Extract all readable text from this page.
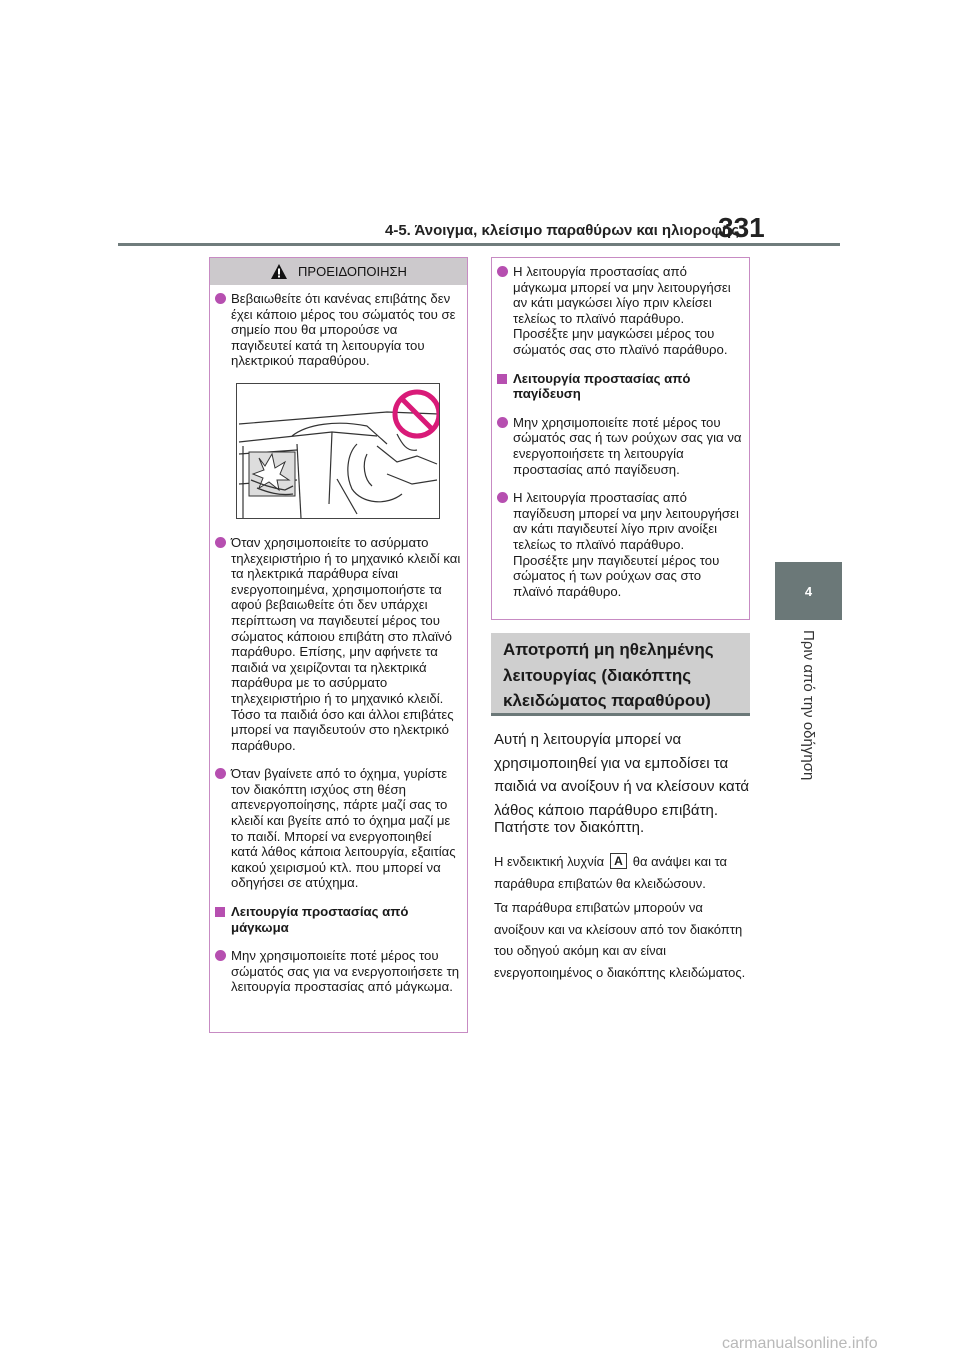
4-5. Άνοιγμα, κλείσιμο παραθύρων και ηλιοροφής
331
4
Πριν από την οδήγηση
ΠΡΟΕΙΔΟΠΟΙΗΣΗ
Βεβαιωθείτε ότι κανένας επιβάτης δεν έχει κάποιο μέρος του σώματός του σε σημείο που θα μπορούσε να παγιδευτεί κατά τη λειτουργία του ηλεκτρικού παραθύρου.
Όταν χρησιμοποιείτε το ασύρματο τηλεχειριστήριο ή το μηχανικό κλειδί και τα ηλεκτρικά παράθυρα είναι ενεργοποιημένα, χρησιμοποιήστε τα αφού βεβαιωθείτε ότι δεν υπάρχει περίπτωση να παγιδευτεί μέρος του σώματος κάποιου επιβάτη στο πλαϊνό παράθυρο. Επίσης, μην αφήνετε τα παιδιά να χειρίζονται τα ηλεκτρικά παράθυρα με το ασύρματο τηλεχειριστήριο ή το μηχανικό κλειδί. Τόσο τα παιδιά όσο και άλλοι επιβάτες μπορεί να παγιδευτούν στο ηλεκτρικό παράθυρο.
Όταν βγαίνετε από το όχημα, γυρίστε τον διακόπτη ισχύος στη θέση απενεργοποίησης, πάρτε μαζί σας το κλειδί και βγείτε από το όχημα μαζί με το παιδί. Μπορεί να ενεργοποιηθεί κατά λάθος κάποια λειτουργία, εξαιτίας κακού χειρισμού κτλ. που μπορεί να οδηγήσει σε ατύχημα.
Λειτουργία προστασίας από μάγκωμα
Μην χρησιμοποιείτε ποτέ μέρος του σώματός σας για να ενεργοποιήσετε τη λειτουργία προστασίας από μάγκωμα.
Η λειτουργία προστασίας από μάγκωμα μπορεί να μην λειτουργήσει αν κάτι μαγκώσει λίγο πριν κλείσει τελείως το πλαϊνό παράθυρο. Προσέξτε μην μαγκώσει μέρος του σώματός σας στο πλαϊνό παράθυρο.
Λειτουργία προστασίας από παγίδευση
Μην χρησιμοποιείτε ποτέ μέρος του σώματός σας ή των ρούχων σας για να ενεργοποιήσετε τη λειτουργία προστασίας από παγίδευση.
Η λειτουργία προστασίας από παγίδευση μπορεί να μην λειτουργήσει αν κάτι παγιδευτεί λίγο πριν ανοίξει τελείως το πλαϊνό παράθυρο. Προσέξτε μην παγιδευτεί μέρος του σώματος ή των ρούχων σας στο πλαϊνό παράθυρο.
Αποτροπή μη ηθελημένης λειτουργίας (διακόπτης κλειδώματος παραθύρου)
Αυτή η λειτουργία μπορεί να χρησιμοποιηθεί για να εμποδίσει τα παιδιά να ανοίξουν ή να κλείσουν κατά λάθος κάποιο παράθυρο επιβάτη.
Πατήστε τον διακόπτη.
Η ενδεικτική λυχνία A θα ανάψει και τα παράθυρα επιβατών θα κλειδώσουν.
Τα παράθυρα επιβατών μπορούν να ανοίξουν και να κλείσουν από τον διακόπτη του οδηγού ακόμη και αν είναι ενεργοποιημένος ο διακόπτης κλειδώματος.
carmanualsonline.info
